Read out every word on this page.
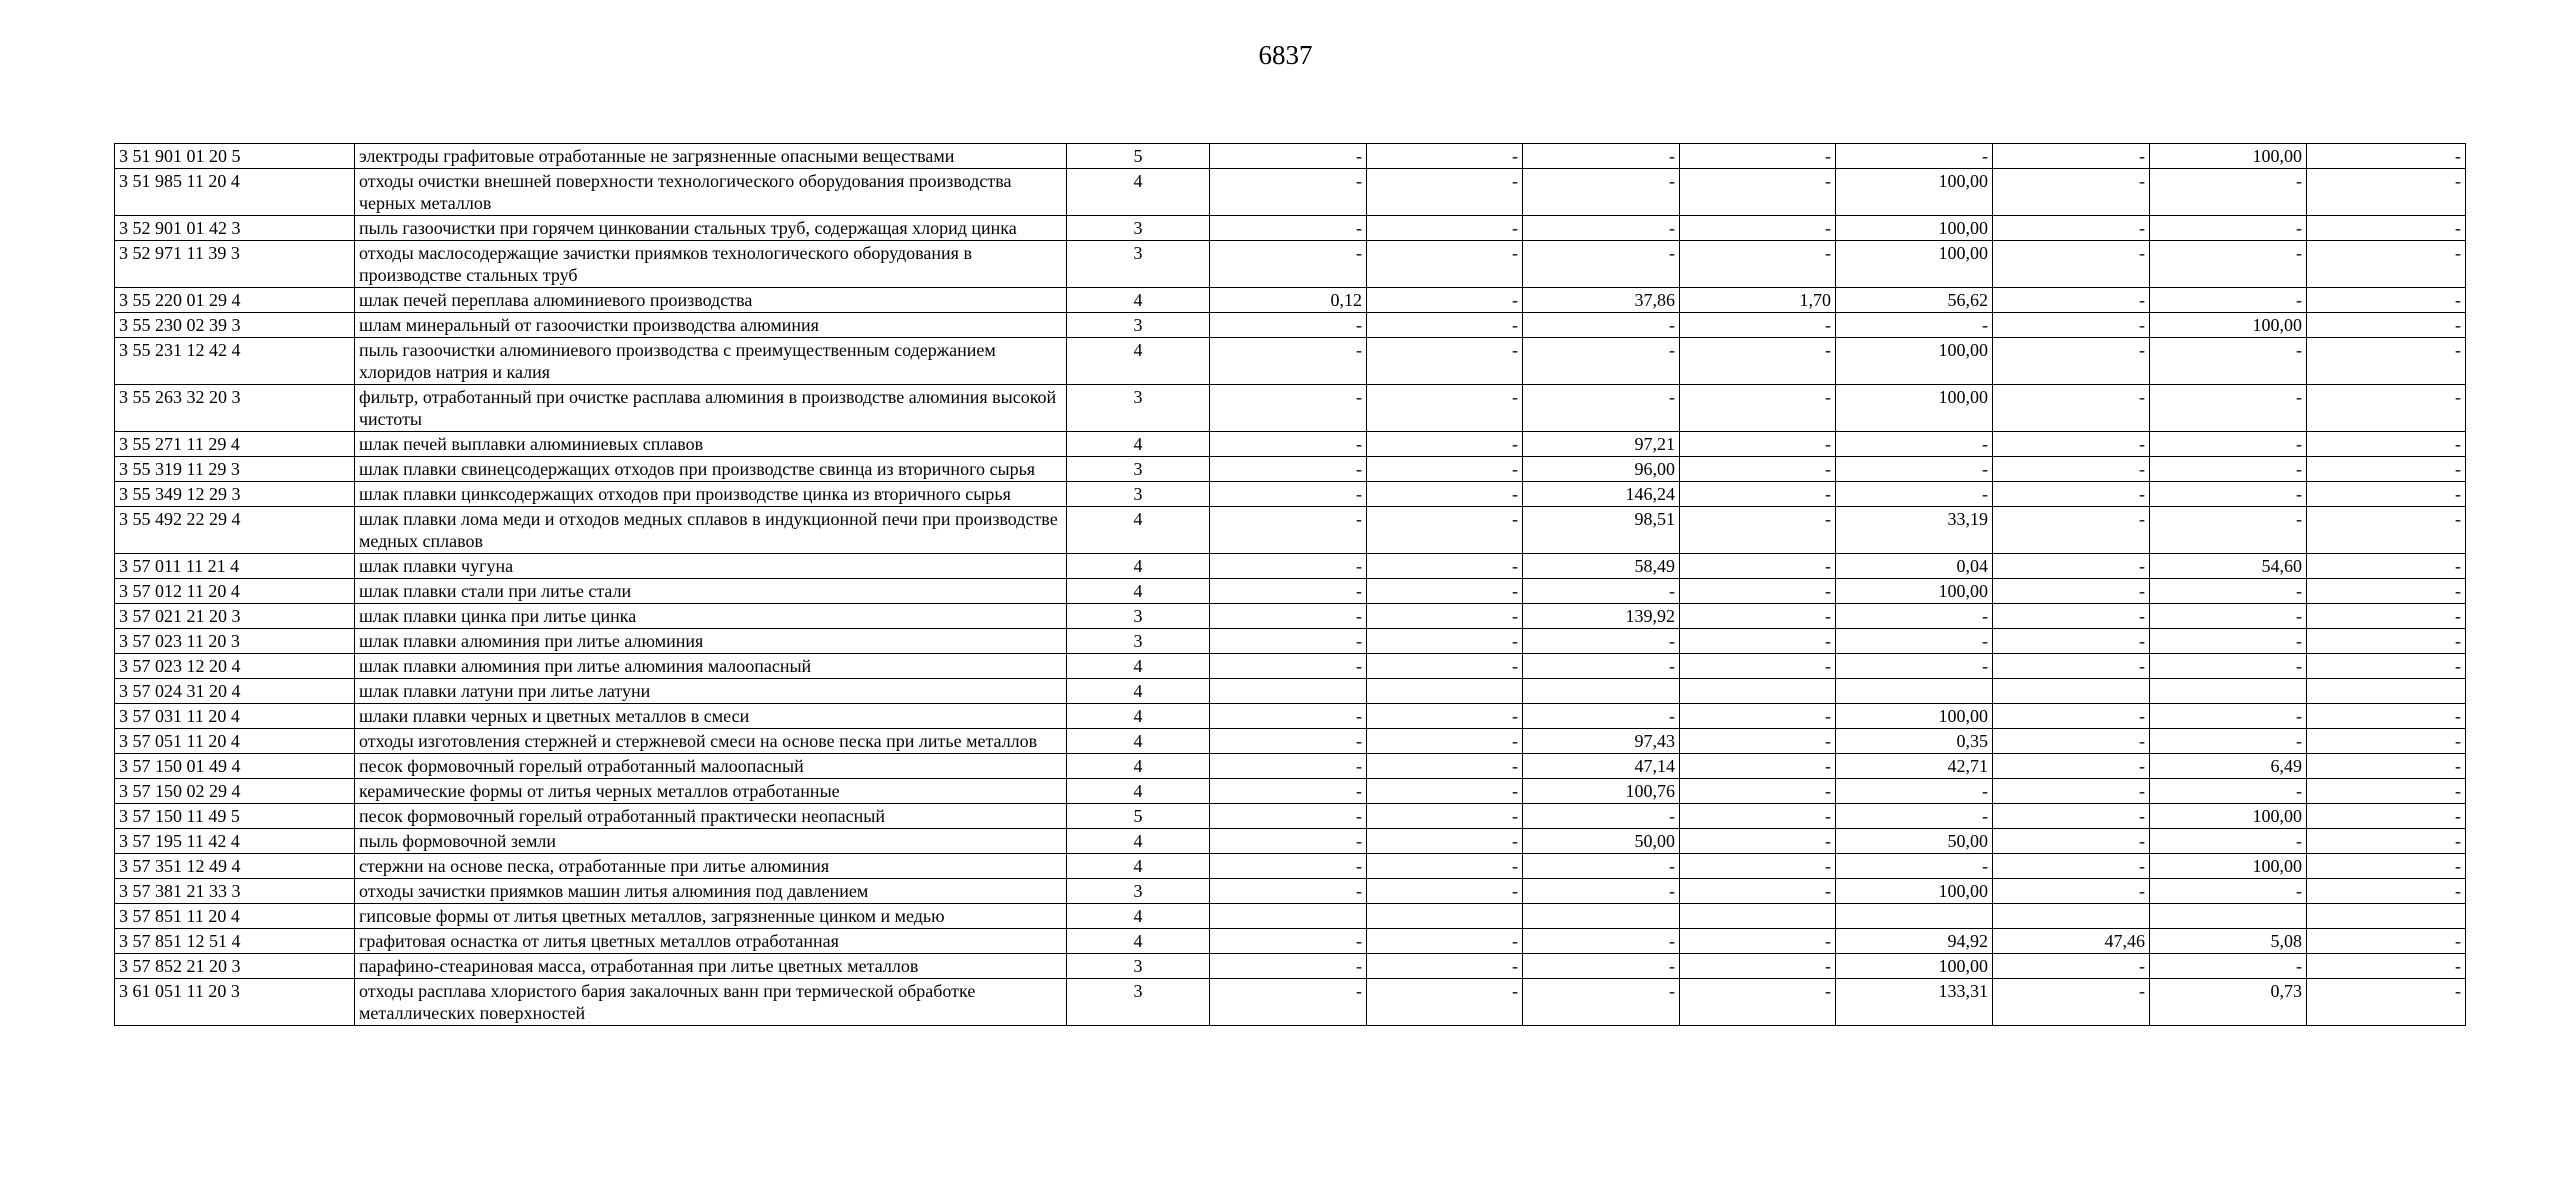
6837
3 51 901 01 20 5	электроды графитовые отработанные не загрязненные опасными веществами	5	-	-	-	-	-	-	100,00	-
3 51 985 11 20 4	отходы очистки внешней поверхности технологического оборудования производства черных металлов	4	-	-	-	-	100,00	-	-	-
3 52 901 01 42 3	пыль газоочистки при горячем цинковании стальных труб, содержащая хлорид цинка	3	-	-	-	-	100,00	-	-	-
3 52 971 11 39 3	отходы маслосодержащие зачистки приямков технологического оборудования в производстве стальных труб	3	-	-	-	-	100,00	-	-	-
3 55 220 01 29 4	шлак печей переплава алюминиевого производства	4	0,12	-	37,86	1,70	56,62	-	-	-
3 55 230 02 39 3	шлам минеральный от газоочистки производства алюминия	3	-	-	-	-	-	-	100,00	-
3 55 231 12 42 4	пыль газоочистки алюминиевого производства с преимущественным содержанием хлоридов натрия и калия	4	-	-	-	-	100,00	-	-	-
3 55 263 32 20 3	фильтр, отработанный при очистке расплава алюминия в производстве алюминия высокой чистоты	3	-	-	-	-	100,00	-	-	-
3 55 271 11 29 4	шлак печей выплавки алюминиевых сплавов	4	-	-	97,21	-	-	-	-	-
3 55 319 11 29 3	шлак плавки свинецсодержащих отходов при производстве свинца из вторичного сырья	3	-	-	96,00	-	-	-	-	-
3 55 349 12 29 3	шлак плавки цинксодержащих отходов при производстве цинка из вторичного сырья	3	-	-	146,24	-	-	-	-	-
3 55 492 22 29 4	шлак плавки лома меди и отходов медных сплавов в индукционной печи при производстве медных сплавов	4	-	-	98,51	-	33,19	-	-	-
3 57 011 11 21 4	шлак плавки чугуна	4	-	-	58,49	-	0,04	-	54,60	-
3 57 012 11 20 4	шлак плавки стали при литье стали	4	-	-	-	-	100,00	-	-	-
3 57 021 21 20 3	шлак плавки цинка при литье цинка	3	-	-	139,92	-	-	-	-	-
3 57 023 11 20 3	шлак плавки алюминия при литье алюминия	3	-	-	-	-	-	-	-	-
3 57 023 12 20 4	шлак плавки алюминия при литье алюминия малоопасный	4	-	-	-	-	-	-	-	-
3 57 024 31 20 4	шлак плавки латуни при литье латуни	4								
3 57 031 11 20 4	шлаки плавки черных и цветных металлов в смеси	4	-	-	-	-	100,00	-	-	-
3 57 051 11 20 4	отходы изготовления стержней и стержневой смеси на основе песка при литье металлов	4	-	-	97,43	-	0,35	-	-	-
3 57 150 01 49 4	песок формовочный горелый отработанный малоопасный	4	-	-	47,14	-	42,71	-	6,49	-
3 57 150 02 29 4	керамические формы от литья черных металлов отработанные	4	-	-	100,76	-	-	-	-	-
3 57 150 11 49 5	песок формовочный горелый отработанный практически неопасный	5	-	-	-	-	-	-	100,00	-
3 57 195 11 42 4	пыль формовочной земли	4	-	-	50,00	-	50,00	-	-	-
3 57 351 12 49 4	стержни на основе песка, отработанные при литье алюминия	4	-	-	-	-	-	-	100,00	-
3 57 381 21 33 3	отходы зачистки приямков машин литья алюминия под давлением	3	-	-	-	-	100,00	-	-	-
3 57 851 11 20 4	гипсовые формы от литья цветных металлов, загрязненные цинком и медью	4								
3 57 851 12 51 4	графитовая оснастка от литья цветных металлов отработанная	4	-	-	-	-	94,92	47,46	5,08	-
3 57 852 21 20 3	парафино-стеариновая масса, отработанная при литье цветных металлов	3	-	-	-	-	100,00	-	-	-
3 61 051 11 20 3	отходы расплава хлористого бария закалочных ванн при термической обработке металлических поверхностей	3	-	-	-	-	133,31	-	0,73	-
